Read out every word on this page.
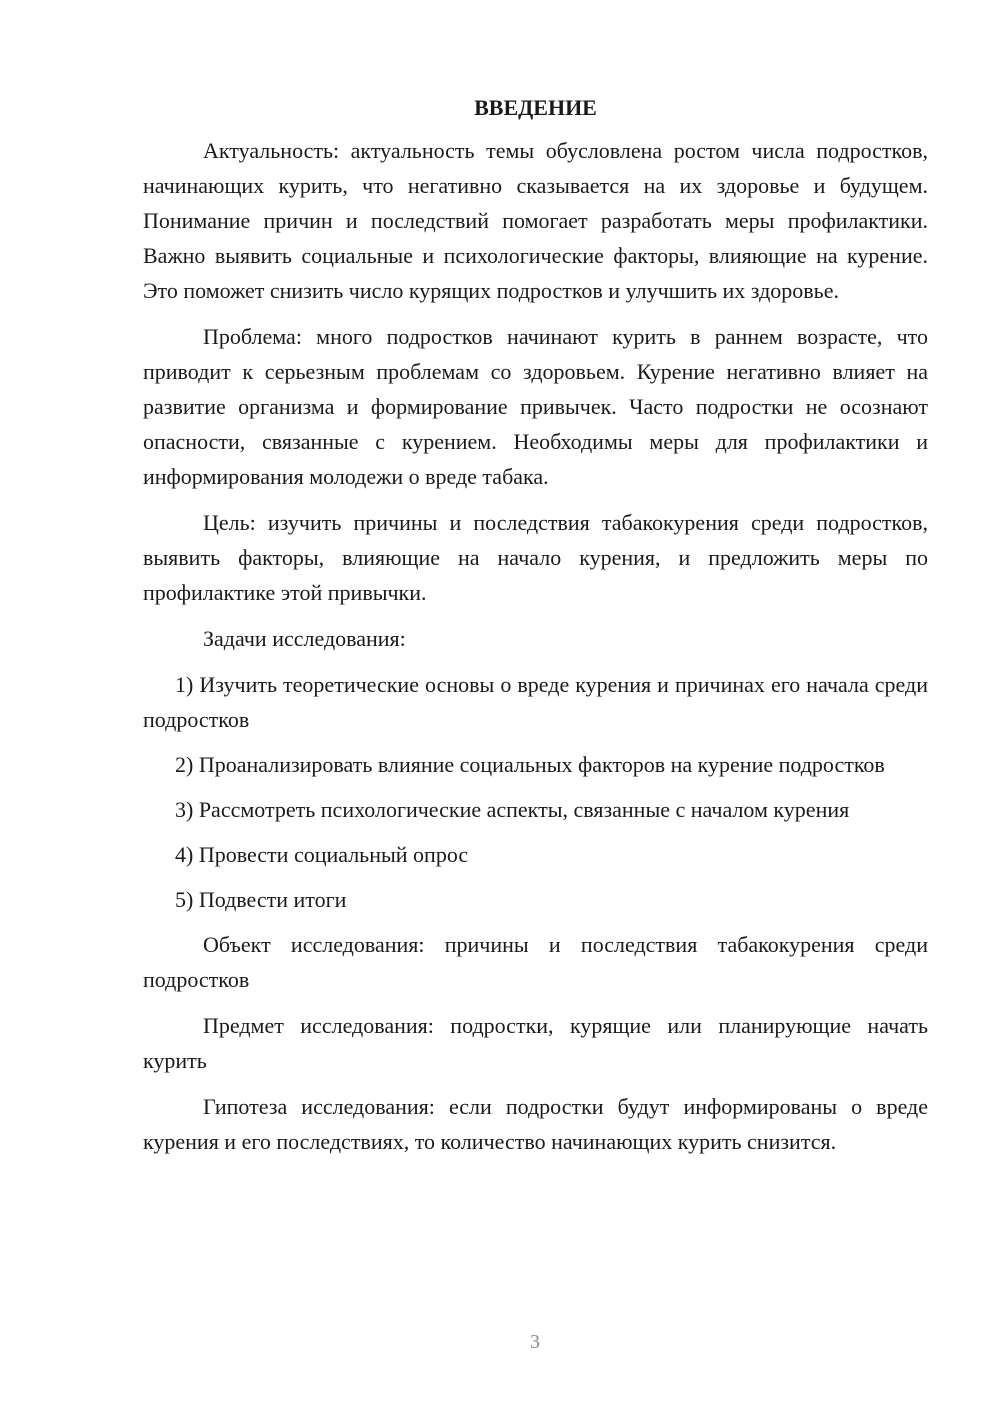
ВВЕДЕНИЕ

Актуальность: актуальность темы обусловлена ростом числа подростков, начинающих курить, что негативно сказывается на их здоровье и будущем. Понимание причин и последствий помогает разработать меры профилактики. Важно выявить социальные и психологические факторы, влияющие на курение. Это поможет снизить число курящих подростков и улучшить их здоровье.

Проблема: много подростков начинают курить в раннем возрасте, что приводит к серьезным проблемам со здоровьем. Курение негативно влияет на развитие организма и формирование привычек. Часто подростки не осознают опасности, связанные с курением. Необходимы меры для профилактики и информирования молодежи о вреде табака.

Цель: изучить причины и последствия табакокурения среди подростков, выявить факторы, влияющие на начало курения, и предложить меры по профилактике этой привычки.

Задачи исследования:

1) Изучить теоретические основы о вреде курения и причинах его начала среди подростков

2) Проанализировать влияние социальных факторов на курение подростков

3) Рассмотреть психологические аспекты, связанные с началом курения

4) Провести социальный опрос

5) Подвести итоги

Объект исследования: причины и последствия табакокурения среди подростков

Предмет исследования: подростки, курящие или планирующие начать курить

Гипотеза исследования: если подростки будут информированы о вреде курения и его последствиях, то количество начинающих курить снизится.

3
